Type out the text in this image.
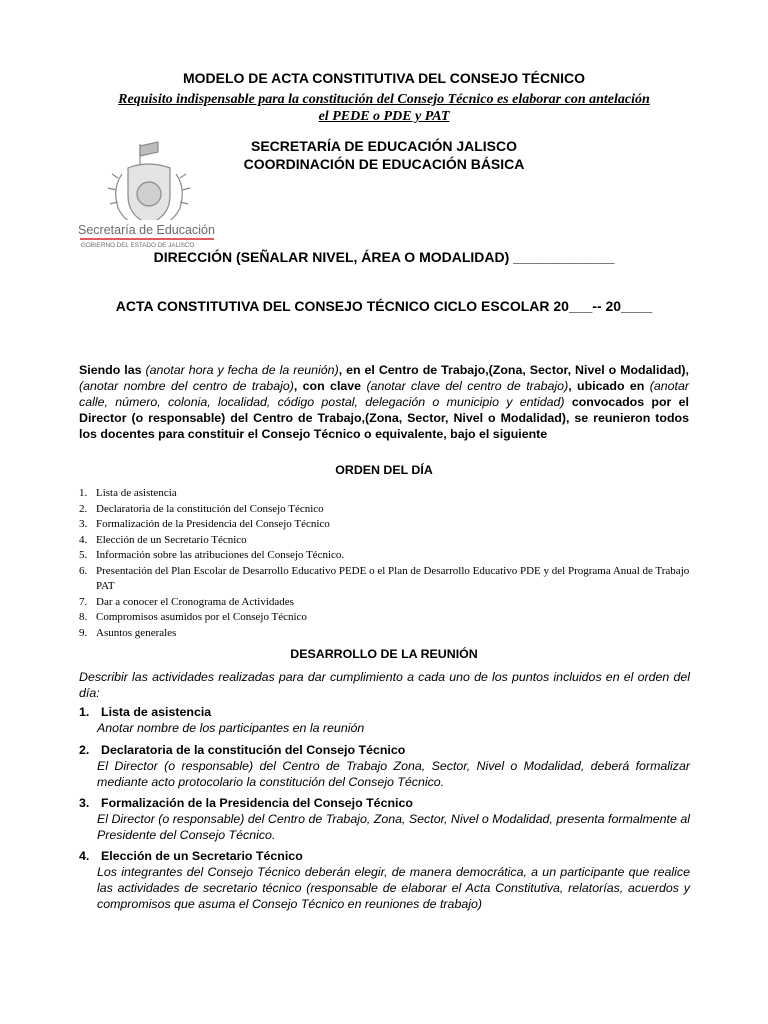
MODELO DE ACTA CONSTITUTIVA DEL CONSEJO TÉCNICO
Requisito indispensable para la constitución del Consejo Técnico es elaborar con antelación
el PEDE o PDE y PAT
SECRETARÍA DE EDUCACIÓN JALISCO
COORDINACIÓN DE EDUCACIÓN BÁSICA
Secretaría de Educación
GOBIERNO DEL ESTADO DE JALISCO
DIRECCIÓN (SEÑALAR NIVEL, ÁREA O MODALIDAD) _____________
ACTA CONSTITUTIVA DEL CONSEJO TÉCNICO CICLO ESCOLAR 20___-- 20____
Siendo las (anotar hora y fecha de la reunión), en el Centro de Trabajo,(Zona, Sector, Nivel o Modalidad), (anotar nombre del centro de trabajo), con clave (anotar clave del centro de trabajo), ubicado en (anotar calle, número, colonia, localidad, código postal, delegación o municipio y entidad) convocados por el Director (o responsable) del Centro de Trabajo,(Zona, Sector, Nivel o Modalidad), se reunieron todos los docentes para constituir el Consejo Técnico o equivalente, bajo el siguiente
ORDEN DEL DÍA
1. Lista de asistencia
2. Declaratoria de la constitución del Consejo Técnico
3. Formalización de la Presidencia del Consejo Técnico
4. Elección de un Secretario Técnico
5. Información sobre las atribuciones del Consejo Técnico.
6. Presentación del Plan Escolar de Desarrollo Educativo PEDE o el Plan de Desarrollo Educativo PDE y del Programa Anual de Trabajo PAT
7. Dar a conocer el Cronograma de Actividades
8. Compromisos asumidos por el Consejo Técnico
9. Asuntos generales
DESARROLLO DE LA REUNIÓN
Describir las actividades realizadas para dar cumplimiento a cada uno de los puntos incluidos en el orden del día:
1. Lista de asistencia
Anotar nombre de los participantes en la reunión
2. Declaratoria de la constitución del Consejo Técnico
El Director (o responsable) del Centro de Trabajo Zona, Sector, Nivel o Modalidad, deberá formalizar mediante acto protocolario la constitución del Consejo Técnico.
3. Formalización de la Presidencia del Consejo Técnico
El Director (o responsable) del Centro de Trabajo, Zona, Sector, Nivel o Modalidad, presenta formalmente al Presidente del Consejo Técnico.
4. Elección de un Secretario Técnico
Los integrantes del Consejo Técnico deberán elegir, de manera democrática, a un participante que realice las actividades de secretario técnico (responsable de elaborar el Acta Constitutiva, relatorías, acuerdos y compromisos que asuma el Consejo Técnico en reuniones de trabajo)
